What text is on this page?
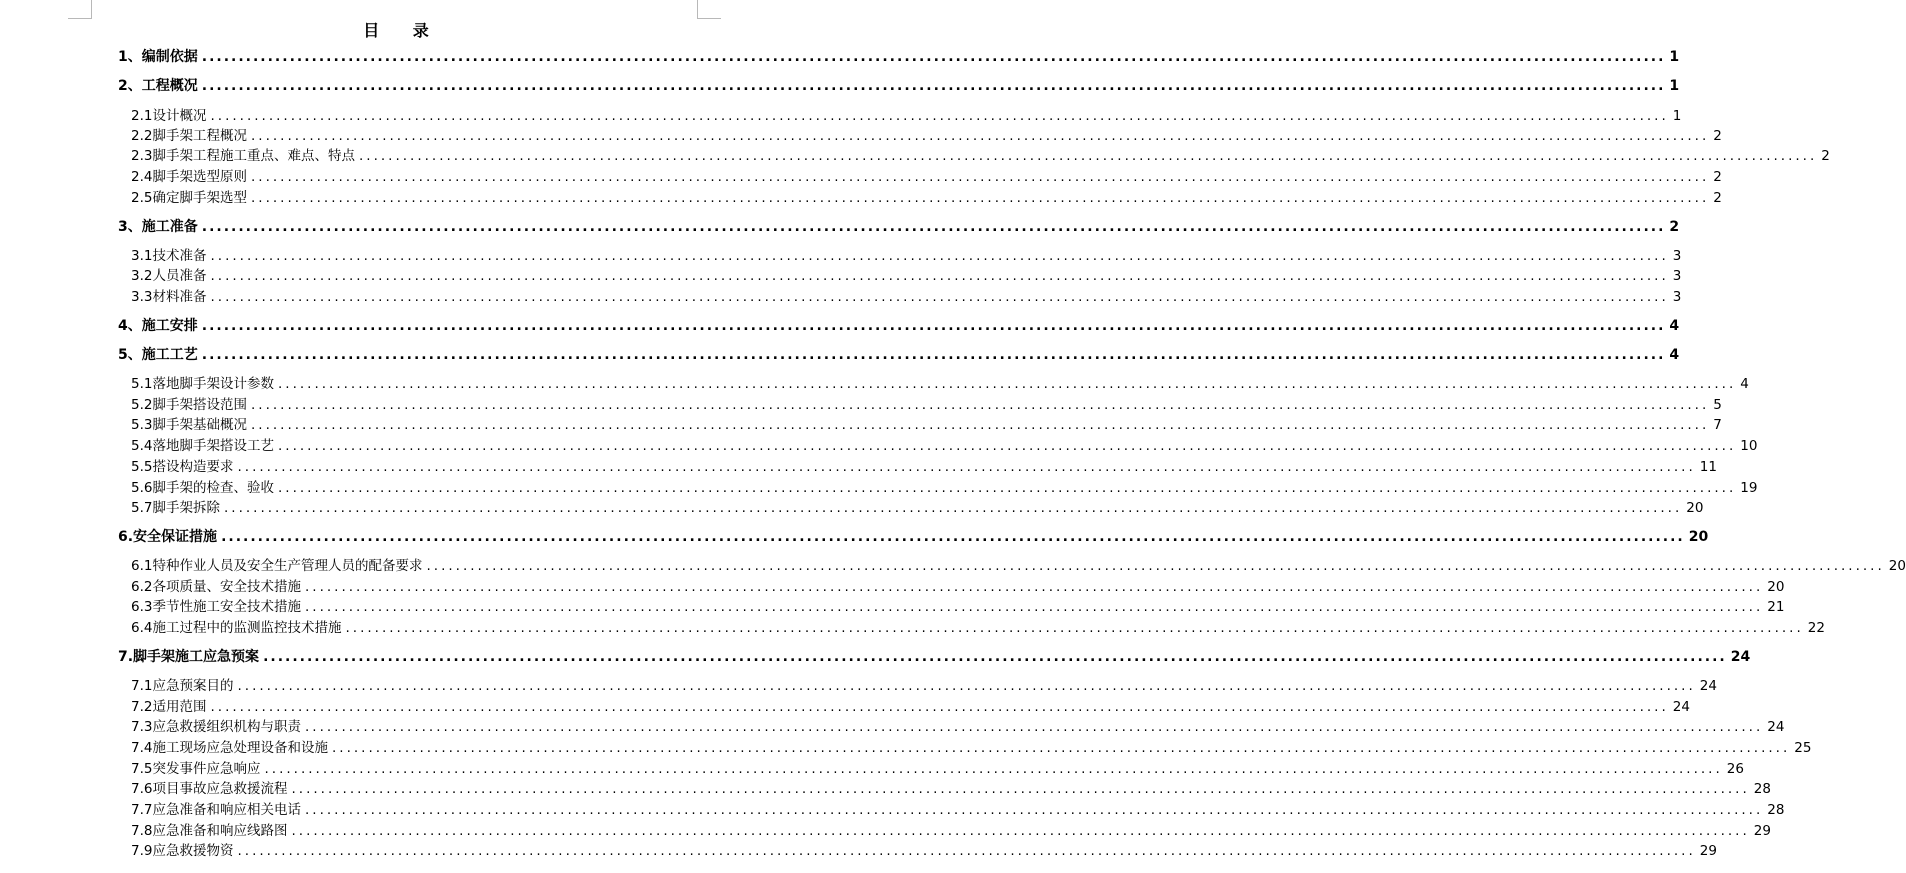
目 录
1、编制依据 ........................................................................................................................................................................................................ 1
2、工程概况 ........................................................................................................................................................................................................ 1
2.1设计概况 ........................................................................................................................................................................................................ 1
2.2脚手架工程概况 ........................................................................................................................................................................................................ 2
2.3脚手架工程施工重点、难点、特点 ........................................................................................................................................................................................................ 2
2.4脚手架选型原则 ........................................................................................................................................................................................................ 2
2.5确定脚手架选型 ........................................................................................................................................................................................................ 2
3、施工准备 ........................................................................................................................................................................................................ 2
3.1技术准备 ........................................................................................................................................................................................................ 3
3.2人员准备 ........................................................................................................................................................................................................ 3
3.3材料准备 ........................................................................................................................................................................................................ 3
4、施工安排 ........................................................................................................................................................................................................ 4
5、施工工艺 ........................................................................................................................................................................................................ 4
5.1落地脚手架设计参数 ........................................................................................................................................................................................................ 4
5.2脚手架搭设范围 ........................................................................................................................................................................................................ 5
5.3脚手架基础概况 ........................................................................................................................................................................................................ 7
5.4落地脚手架搭设工艺 ........................................................................................................................................................................................................ 10
5.5搭设构造要求 ........................................................................................................................................................................................................ 11
5.6脚手架的检查、验收 ........................................................................................................................................................................................................ 19
5.7脚手架拆除 ........................................................................................................................................................................................................ 20
6.安全保证措施 ........................................................................................................................................................................................................ 20
6.1特种作业人员及安全生产管理人员的配备要求 ........................................................................................................................................................................................................ 20
6.2各项质量、安全技术措施 ........................................................................................................................................................................................................ 20
6.3季节性施工安全技术措施 ........................................................................................................................................................................................................ 21
6.4施工过程中的监测监控技术措施 ........................................................................................................................................................................................................ 22
7.脚手架施工应急预案 ........................................................................................................................................................................................................ 24
7.1应急预案目的 ........................................................................................................................................................................................................ 24
7.2适用范围 ........................................................................................................................................................................................................ 24
7.3应急救援组织机构与职责 ........................................................................................................................................................................................................ 24
7.4施工现场应急处理设备和设施 ........................................................................................................................................................................................................ 25
7.5突发事件应急响应 ........................................................................................................................................................................................................ 26
7.6项目事故应急救援流程 ........................................................................................................................................................................................................ 28
7.7应急准备和响应相关电话 ........................................................................................................................................................................................................ 28
7.8应急准备和响应线路图 ........................................................................................................................................................................................................ 29
7.9应急救援物资 ........................................................................................................................................................................................................ 29
